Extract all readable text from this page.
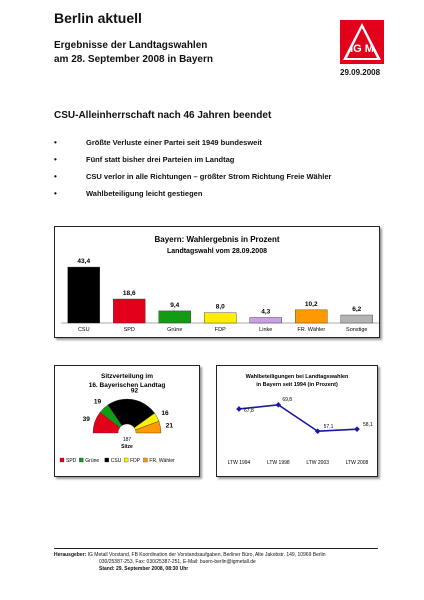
Berlin aktuell
Ergebnisse der Landtagswahlen
am 28. September 2008 in Bayern
IG M
29.09.2008
CSU-Alleinherrschaft nach 46 Jahren beendet
•	Größte Verluste einer Partei seit 1949 bundesweit
•	Fünf statt bisher drei Parteien im Landtag
•	CSU verlor in alle Richtungen – größter Strom Richtung Freie Wähler
•	Wahlbeteiligung leicht gestiegen
Bayern: Wahlergebnis in Prozent
Landtagswahl vom 28.09.2008
43,4
CSU
18,6
SPD
9,4
Grüne
8,0
FDP
4,3
Linke
10,2
FR. Wähler
6,2
Sonstige
Sitzverteilung im
16. Bayerischen Landtag
39
19
92
16
21
187
Sitze
SPD Grüne CSU FDP FR. Wähler
Wahlbeteiligungen bei Landtagswahlen
in Bayern seit 1994 (in Prozent)
67,8
LTW 1994
69,8
LTW 1998
57,1
LTW 2003
58,1
LTW 2008
Herausgeber: IG Metall Vorstand, FB Koordination der Vorstandsaufgaben, Berliner Büro, Alte Jakobstr. 149, 10969 Berlin
030/25387-253, Fax: 030/25387-251, E-Mail: buero-berlin@igmetall.de
Stand: 29. September 2008, 08:30 Uhr
